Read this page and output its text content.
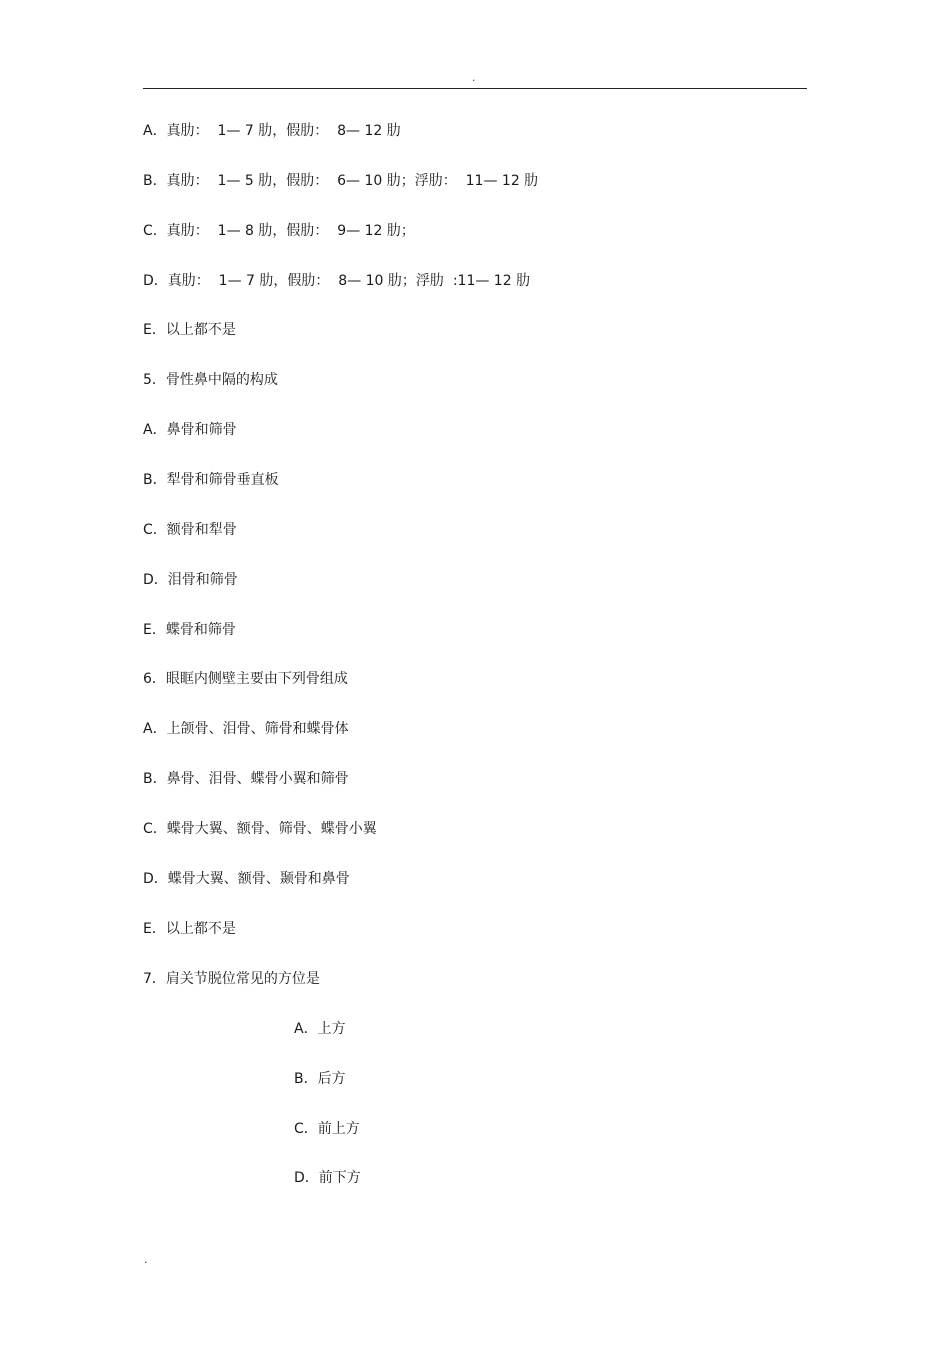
.
A．真肋：  1— 7 肋，假肋：  8— 12 肋
B．真肋：  1— 5 肋，假肋：  6— 10 肋；浮肋：  11— 12 肋
C．真肋：  1— 8 肋，假肋：  9— 12 肋；
D．真肋：  1— 7 肋，假肋：  8— 10 肋；浮肋  :11— 12 肋
E．以上都不是
5．骨性鼻中隔的构成
A．鼻骨和筛骨
B．犁骨和筛骨垂直板
C．额骨和犁骨
D．泪骨和筛骨
E．蝶骨和筛骨
6．眼眶内侧壁主要由下列骨组成
A．上颌骨、泪骨、筛骨和蝶骨体
B．鼻骨、泪骨、蝶骨小翼和筛骨
C．蝶骨大翼、额骨、筛骨、蝶骨小翼
D．蝶骨大翼、额骨、颞骨和鼻骨
E．以上都不是
7．肩关节脱位常见的方位是
A．上方
B．后方
C．前上方
D．前下方
.
